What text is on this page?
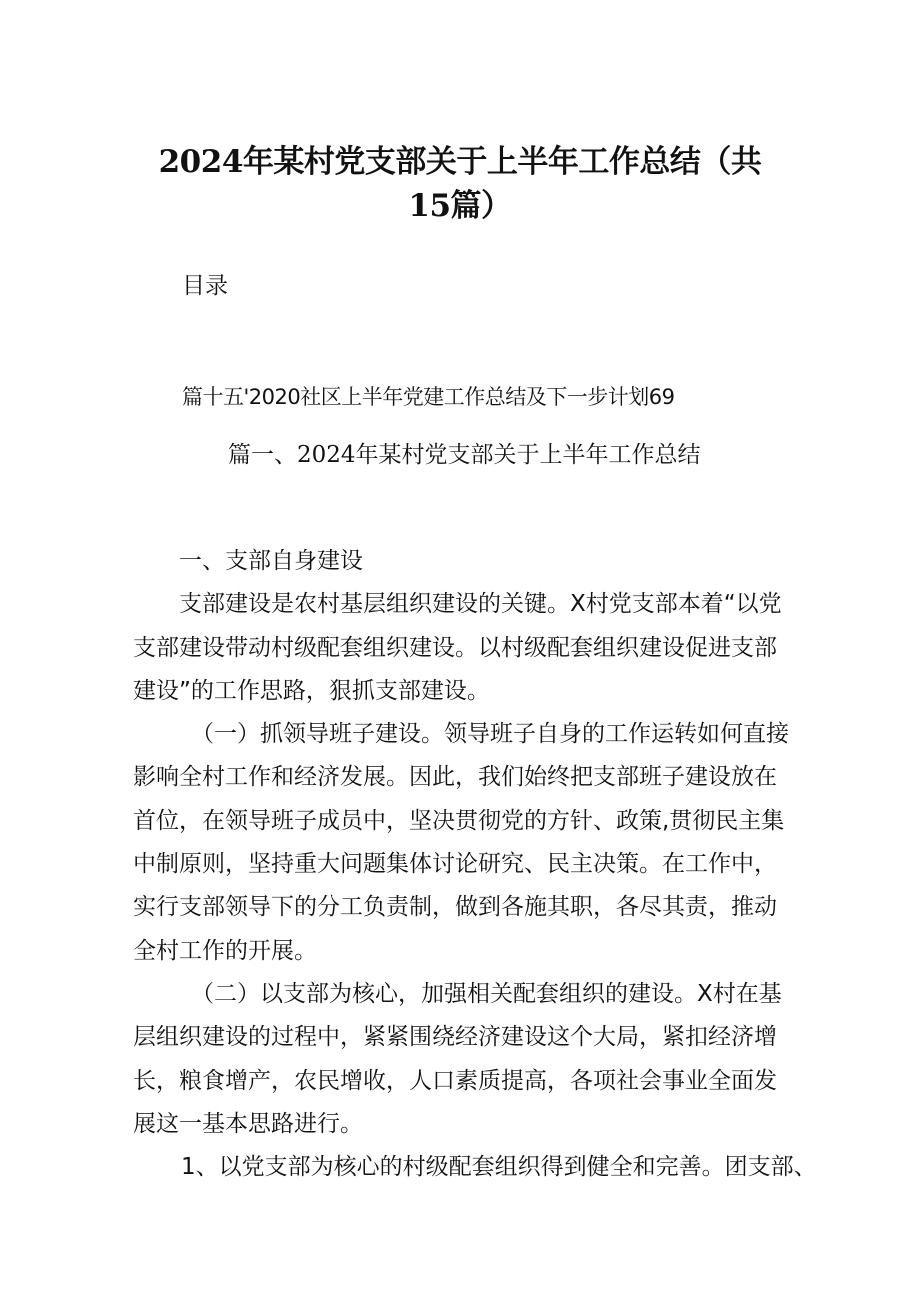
2024年某村党支部关于上半年工作总结（共
15篇）
目录
篇十五'2020社区上半年党建工作总结及下一步计划69
篇一、2024年某村党支部关于上半年工作总结
一、支部自身建设
支部建设是农村基层组织建设的关键。X村党支部本着“以党
支部建设带动村级配套组织建设。以村级配套组织建设促进支部
建设”的工作思路，狠抓支部建设。
（一）抓领导班子建设。领导班子自身的工作运转如何直接
影响全村工作和经济发展。因此，我们始终把支部班子建设放在
首位，在领导班子成员中，坚决贯彻党的方针、政策,贯彻民主集
中制原则，坚持重大问题集体讨论研究、民主决策。在工作中，
实行支部领导下的分工负责制，做到各施其职，各尽其责，推动
全村工作的开展。
（二）以支部为核心，加强相关配套组织的建设。X村在基
层组织建设的过程中，紧紧围绕经济建设这个大局，紧扣经济增
长，粮食增产，农民增收，人口素质提高，各项社会事业全面发
展这一基本思路进行。
1、以党支部为核心的村级配套组织得到健全和完善。团支部、
